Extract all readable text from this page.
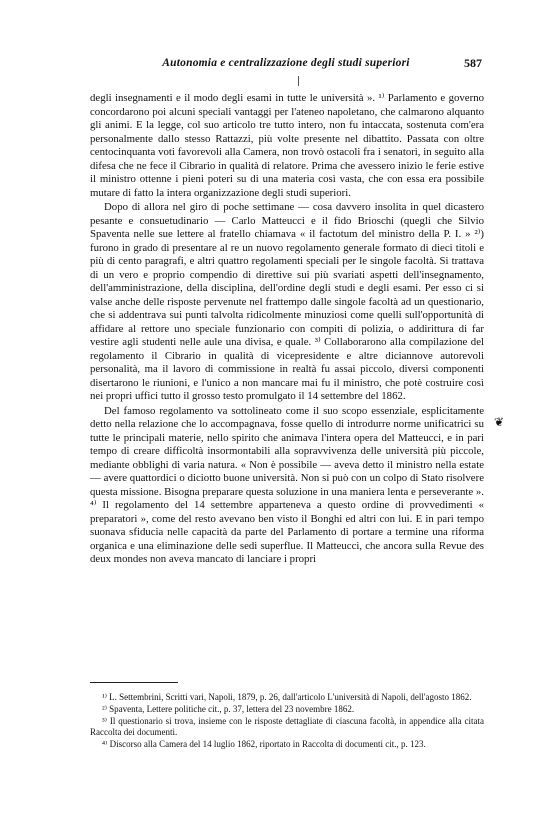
Autonomia e centralizzazione degli studi superiori	587

degli insegnamenti e il modo degli esami in tutte le università ». ¹⁾ Parlamento e governo concordarono poi alcuni speciali vantaggi per l'ateneo napoletano, che calmarono alquanto gli animi. E la legge, col suo articolo tre tutto intero, non fu intaccata, sostenuta com'era personalmente dallo stesso Rattazzi, più volte presente nel dibattito. Passata con oltre centocinquanta voti favorevoli alla Camera, non trovò ostacoli fra i senatori, in seguito alla difesa che ne fece il Cibrario in qualità di relatore. Prima che avessero inizio le ferie estive il ministro ottenne i pieni poteri su di una materia così vasta, che con essa era possibile mutare di fatto la intera organizzazione degli studi superiori.

Dopo di allora nel giro di poche settimane — cosa davvero insolita in quel dicastero pesante e consuetudinario — Carlo Matteucci e il fido Brioschi (quegli che Silvio Spaventa nelle sue lettere al fratello chiamava « il factotum del ministro della P. I. » ²⁾) furono in grado di presentare al re un nuovo regolamento generale formato di dieci titoli e più di cento paragrafi, e altri quattro regolamenti speciali per le singole facoltà. Si trattava di un vero e proprio compendio di direttive sui più svariati aspetti dell'insegnamento, dell'amministrazione, della disciplina, dell'ordine degli studi e degli esami. Per esso ci si valse anche delle risposte pervenute nel frattempo dalle singole facoltà ad un questionario, che si addentrava sui punti talvolta ridicolmente minuziosi come quelli sull'opportunità di affidare al rettore uno speciale funzionario con compiti di polizia, o addirittura di far vestire agli studenti nelle aule una divisa, e quale. ³⁾ Collaborarono alla compilazione del regolamento il Cibrario in qualità di vicepresidente e altre diciannove autorevoli personalità, ma il lavoro di commissione in realtà fu assai piccolo, diversi componenti disertarono le riunioni, e l'unico a non mancare mai fu il ministro, che potè costruire così nei propri uffici tutto il grosso testo promulgato il 14 settembre del 1862.

Del famoso regolamento va sottolineato come il suo scopo essenziale, esplicitamente detto nella relazione che lo accompagnava, fosse quello di introdurre norme unificatrici su tutte le principali materie, nello spirito che animava l'intera opera del Matteucci, e in pari tempo di creare difficoltà insormontabili alla sopravvivenza delle università più piccole, mediante obblighi di varia natura. « Non è possibile — aveva detto il ministro nella estate — avere quattordici o diciotto buone università. Non si può con un colpo di Stato risolvere questa missione. Bisogna preparare questa soluzione in una maniera lenta e perseverante ». ⁴⁾ Il regolamento del 14 settembre apparteneva a questo ordine di provvedimenti « preparatori », come del resto avevano ben visto il Bonghi ed altri con lui. E in pari tempo suonava sfiducia nelle capacità da parte del Parlamento di portare a termine una riforma organica e una eliminazione delle sedi superflue. Il Matteucci, che ancora sulla Revue des deux mondes non aveva mancato di lanciare i propri

❦

¹⁾ L. Settembrini, Scritti vari, Napoli, 1879, p. 26, dall'articolo L'università di Napoli, dell'agosto 1862.

²⁾ Spaventa, Lettere politiche cit., p. 37, lettera del 23 novembre 1862.

³⁾ Il questionario si trova, insieme con le risposte dettagliate di ciascuna facoltà, in appendice alla citata Raccolta dei documenti.

⁴⁾ Discorso alla Camera del 14 luglio 1862, riportato in Raccolta di documenti cit., p. 123.
